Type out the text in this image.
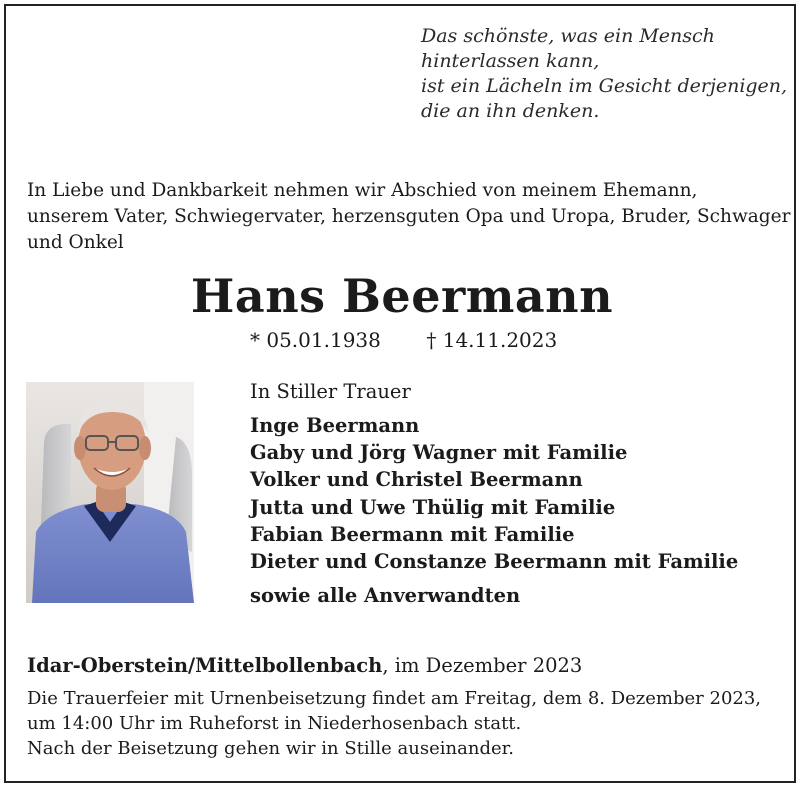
Das schönste, was ein Mensch
hinterlassen kann,
ist ein Lächeln im Gesicht derjenigen,
die an ihn denken.
In Liebe und Dankbarkeit nehmen wir Abschied von meinem Ehemann,
unserem Vater, Schwiegervater, herzensguten Opa und Uropa, Bruder, Schwager
und Onkel
Hans Beermann
* 05.01.1938 † 14.11.2023
In Stiller Trauer
Inge Beermann
Gaby und Jörg Wagner mit Familie
Volker und Christel Beermann
Jutta und Uwe Thülig mit Familie
Fabian Beermann mit Familie
Dieter und Constanze Beermann mit Familie
sowie alle Anverwandten
Idar-Oberstein/Mittelbollenbach, im Dezember 2023
Die Trauerfeier mit Urnenbeisetzung findet am Freitag, dem 8. Dezember 2023,
um 14:00 Uhr im Ruheforst in Niederhosenbach statt.
Nach der Beisetzung gehen wir in Stille auseinander.
